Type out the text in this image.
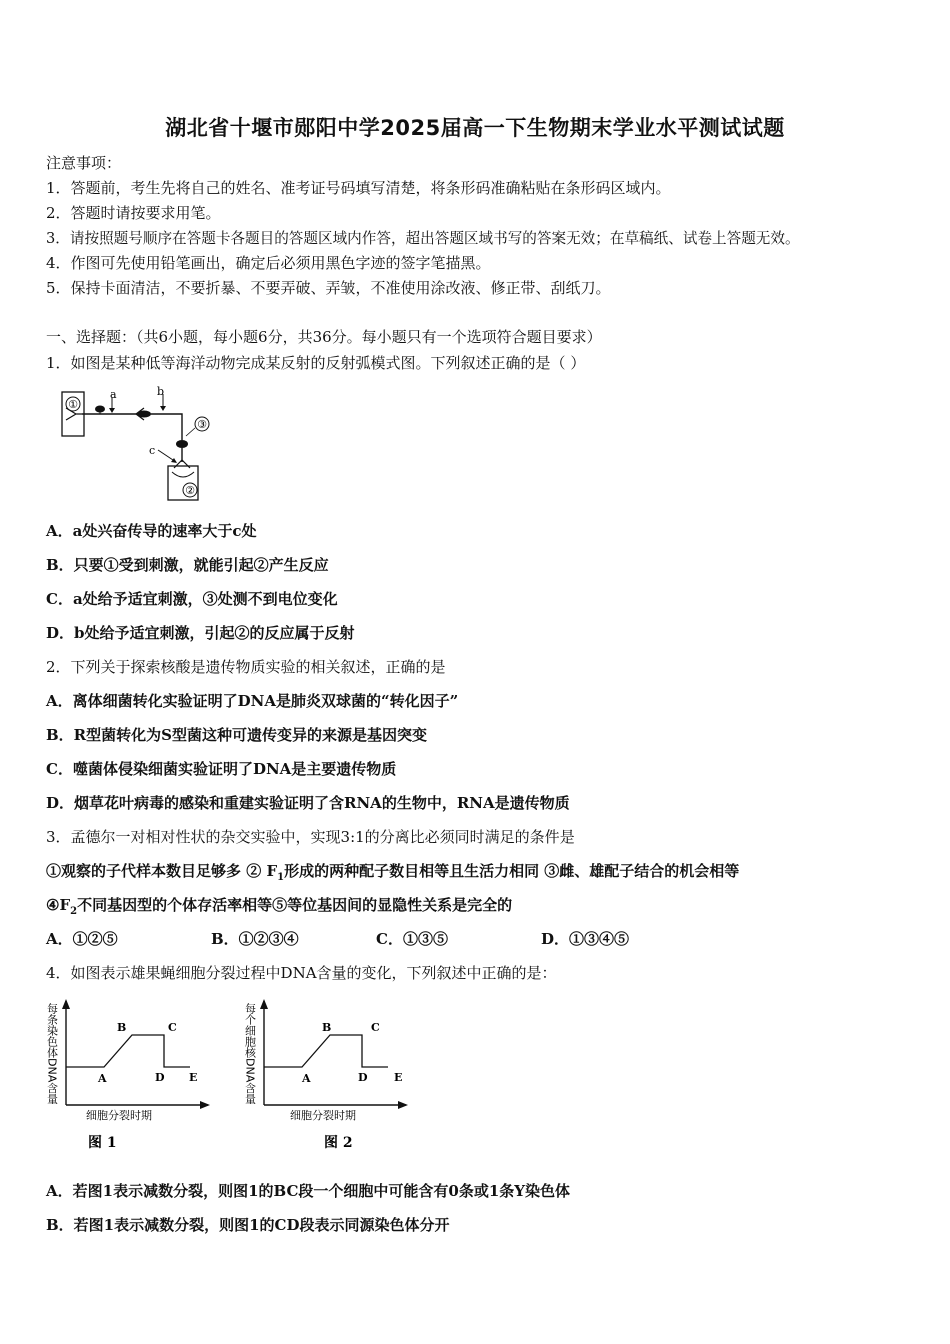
湖北省十堰市郧阳中学2025届高一下生物期末学业水平测试试题
注意事项：
1．答题前，考生先将自己的姓名、准考证号码填写清楚，将条形码准确粘贴在条形码区域内。
2．答题时请按要求用笔。
3．请按照题号顺序在答题卡各题目的答题区域内作答，超出答题区域书写的答案无效；在草稿纸、试卷上答题无效。
4．作图可先使用铅笔画出，确定后必须用黑色字迹的签字笔描黑。
5．保持卡面清洁，不要折暴、不要弄破、弄皱，不准使用涂改液、修正带、刮纸刀。
一、选择题：（共6小题，每小题6分，共36分。每小题只有一个选项符合题目要求）
1．如图是某种低等海洋动物完成某反射的反射弧模式图。下列叙述正确的是（ ）
①
a	b
③
c
②
A．a处兴奋传导的速率大于c处
B．只要①受到刺激，就能引起②产生反应
C．a处给予适宜刺激，③处测不到电位变化
D．b处给予适宜刺激，引起②的反应属于反射
2．下列关于探索核酸是遗传物质实验的相关叙述，正确的是
A．离体细菌转化实验证明了DNA是肺炎双球菌的“转化因子”
B．R型菌转化为S型菌这种可遗传变异的来源是基因突变
C．噬菌体侵染细菌实验证明了DNA是主要遗传物质
D．烟草花叶病毒的感染和重建实验证明了含RNA的生物中，RNA是遗传物质
3．孟德尔一对相对性状的杂交实验中，实现3:1的分离比必须同时满足的条件是
①观察的子代样本数目足够多 ② $F_1$形成的两种配子数目相等且生活力相同 ③雌、雄配子结合的机会相等
$④F_2$不同基因型的个体存活率相等⑤等位基因间的显隐性关系是完全的
A．①②⑤	B．①②③④	C．①③⑤	D．①③④⑤
4．如图表示雄果蝇细胞分裂过程中DNA含量的变化，下列叙述中正确的是：
每条染色体DNA含量	A
B	C
D E
细胞分裂时期
图 1
每个细胞核DNA含量	A
B	C
D E
细胞分裂时期
图 2
A．若图1表示减数分裂，则图1的BC段一个细胞中可能含有0条或1条Y染色体
B．若图1表示减数分裂，则图1的CD段表示同源染色体分开
